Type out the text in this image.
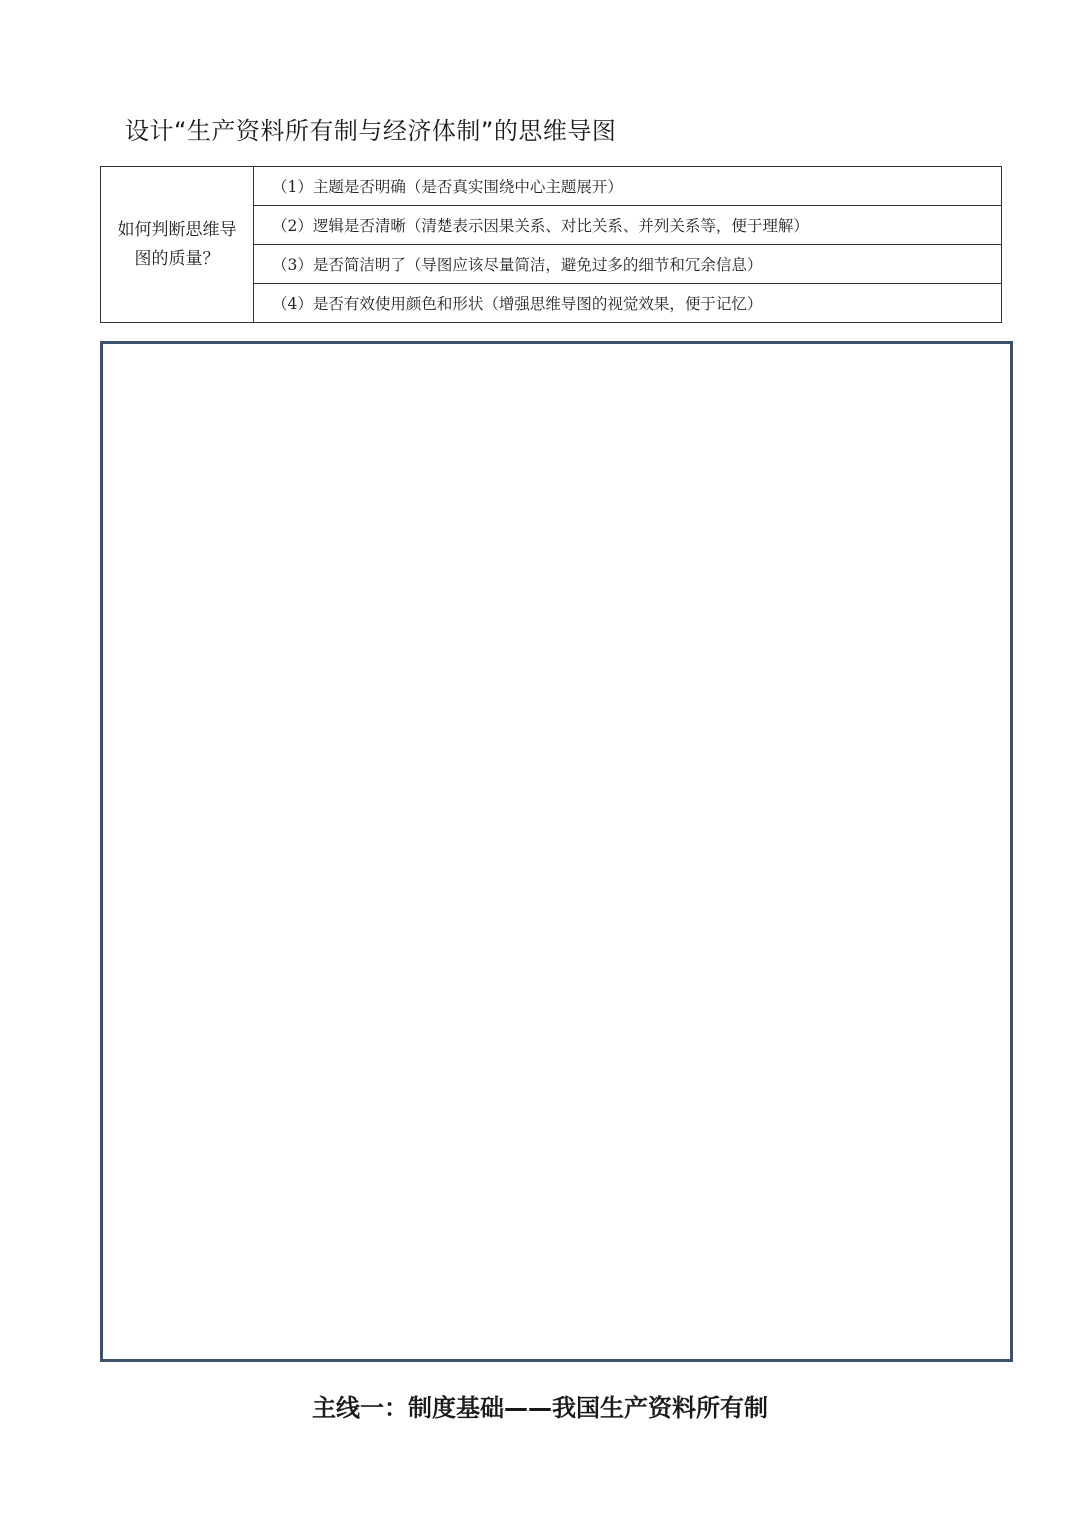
设计“生产资料所有制与经济体制”的思维导图
如何判断思维导图的质量？	（1）主题是否明确（是否真实围绕中心主题展开）
（2）逻辑是否清晰（清楚表示因果关系、对比关系、并列关系等，便于理解）
（3）是否简洁明了（导图应该尽量简洁，避免过多的细节和冗余信息）
（4）是否有效使用颜色和形状（增强思维导图的视觉效果，便于记忆）
主线一：制度基础——我国生产资料所有制
